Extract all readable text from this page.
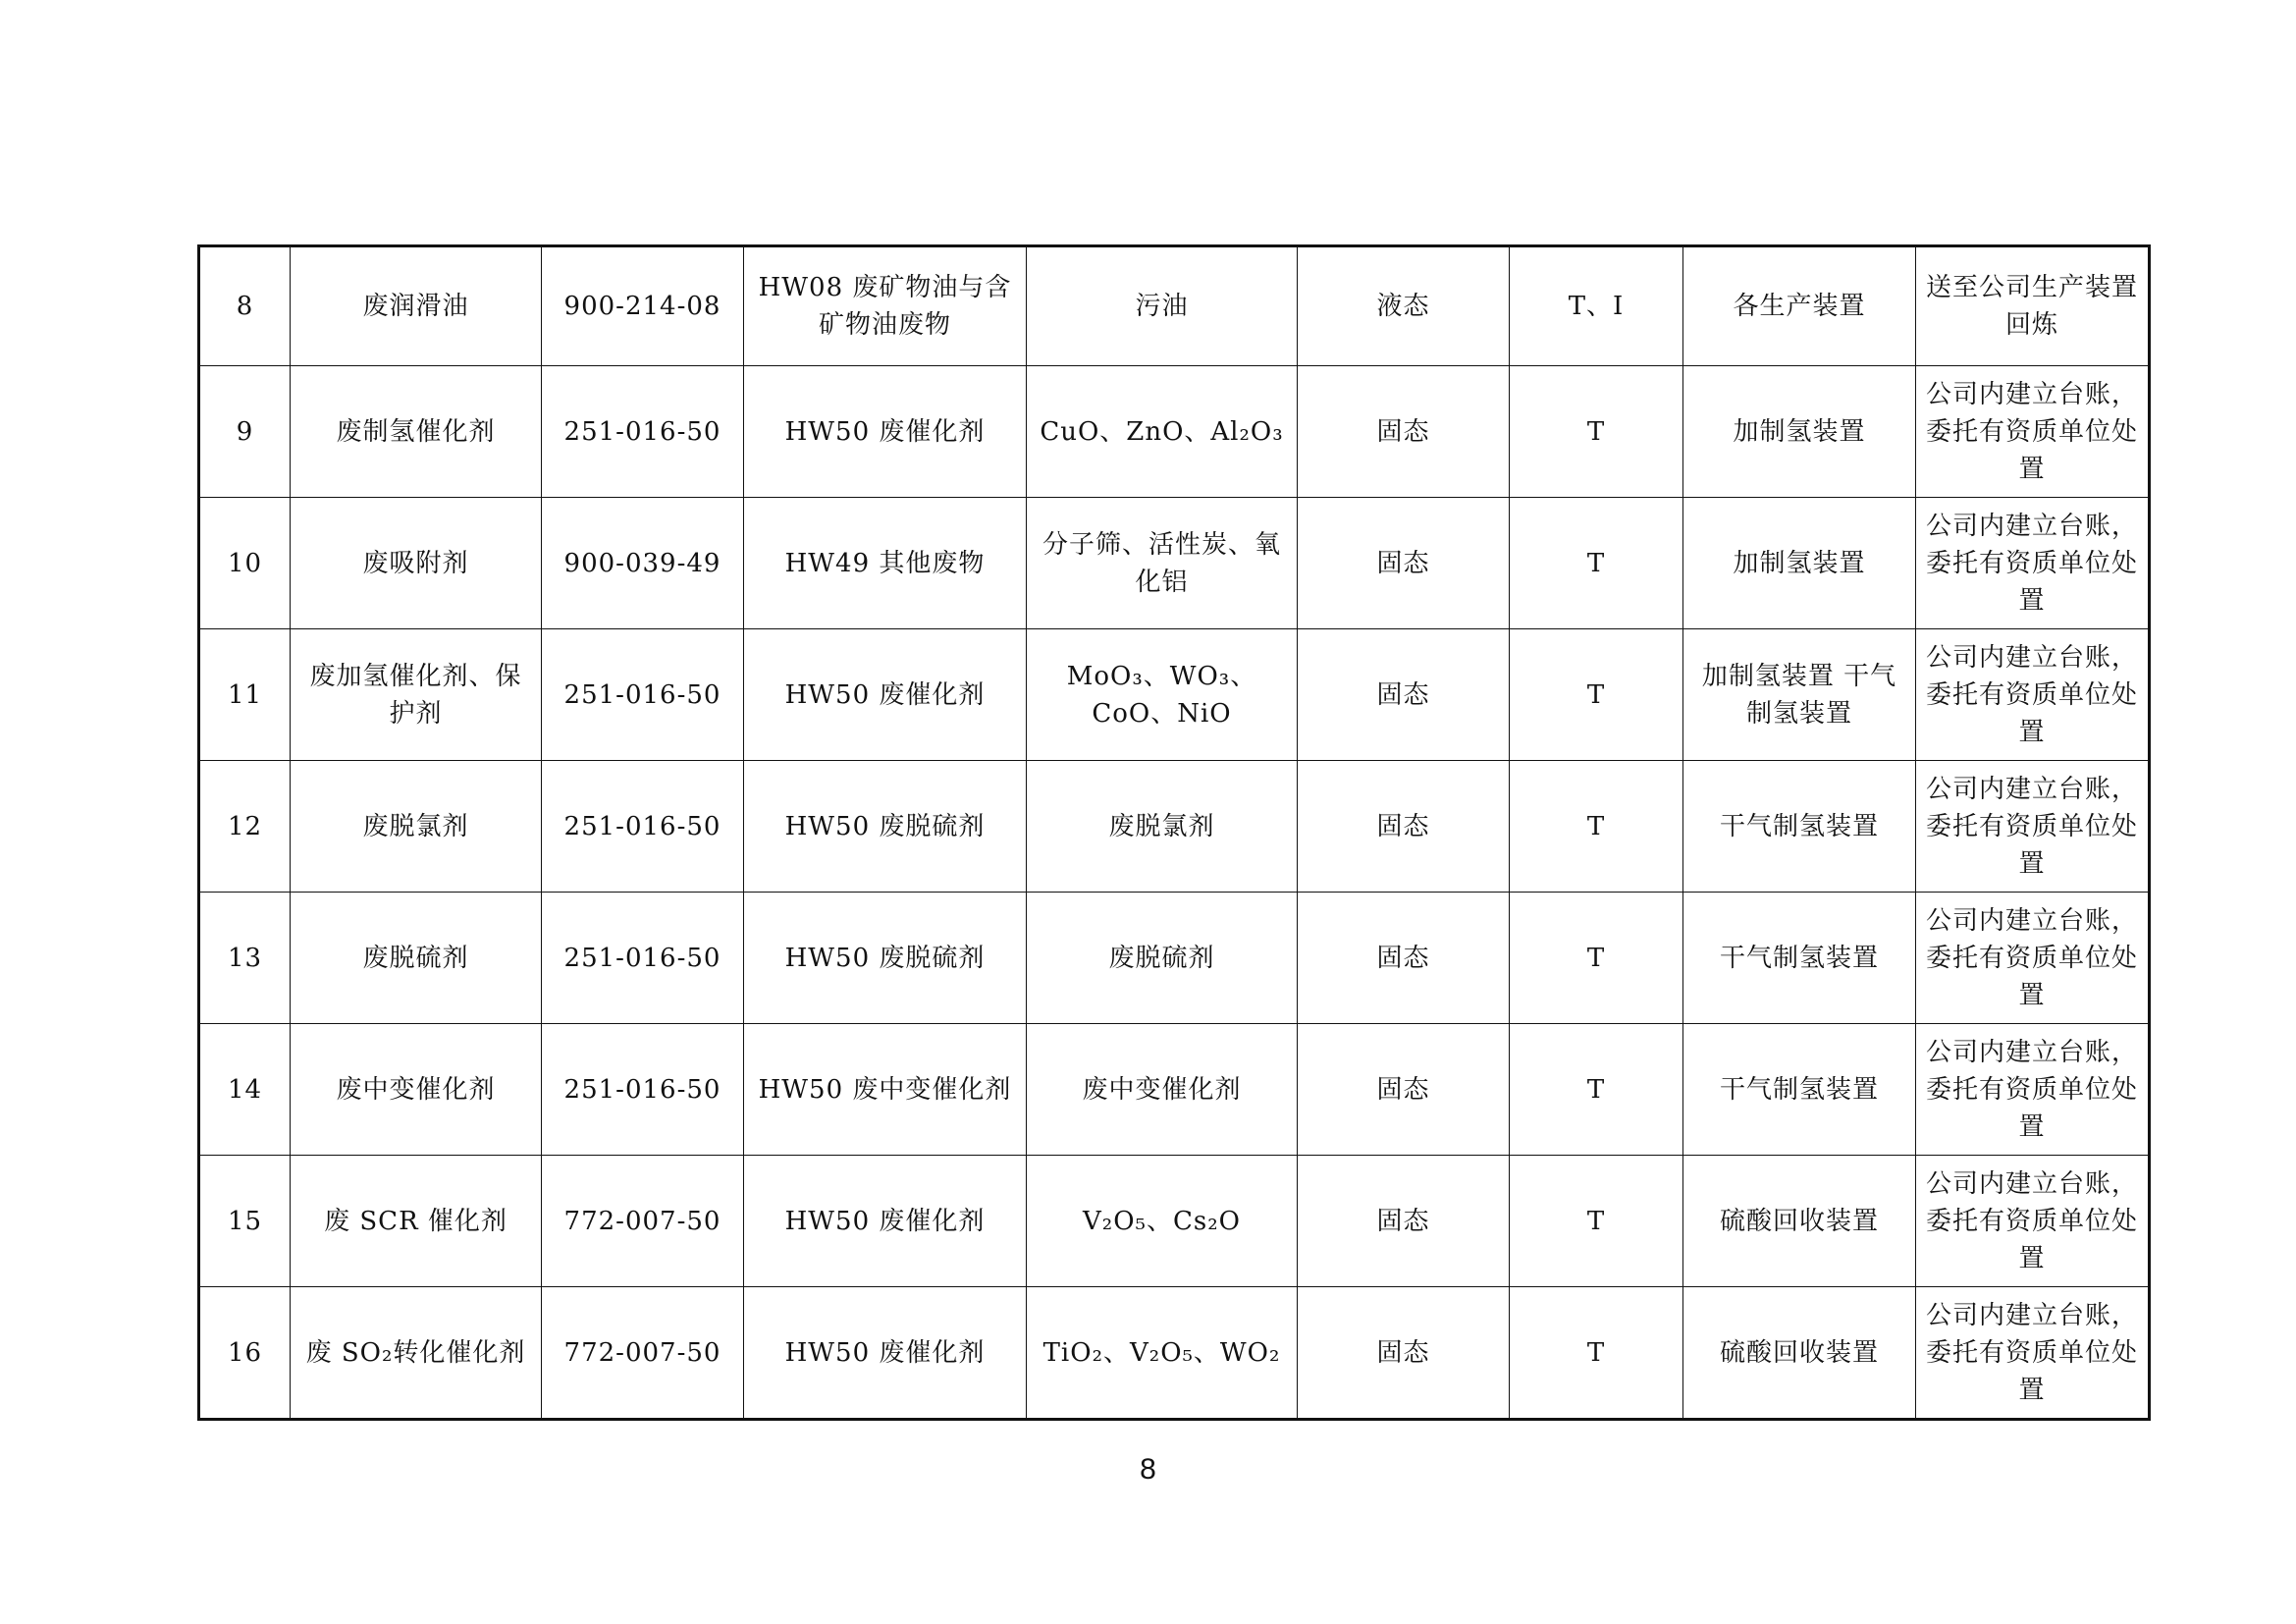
8	废润滑油	900-214-08	HW08 废矿物油与含矿物油废物	污油	液态	T、I	各生产装置	送至公司生产装置回炼
9	废制氢催化剂	251-016-50	HW50 废催化剂	CuO、ZnO、Al₂O₃	固态	T	加制氢装置	公司内建立台账，委托有资质单位处置
10	废吸附剂	900-039-49	HW49 其他废物	分子筛、活性炭、氧化铝	固态	T	加制氢装置	公司内建立台账，委托有资质单位处置
11	废加氢催化剂、保护剂	251-016-50	HW50 废催化剂	MoO₃、WO₃、CoO、NiO	固态	T	加制氢装置 干气制氢装置	公司内建立台账，委托有资质单位处置
12	废脱氯剂	251-016-50	HW50 废脱硫剂	废脱氯剂	固态	T	干气制氢装置	公司内建立台账，委托有资质单位处置
13	废脱硫剂	251-016-50	HW50 废脱硫剂	废脱硫剂	固态	T	干气制氢装置	公司内建立台账，委托有资质单位处置
14	废中变催化剂	251-016-50	HW50 废中变催化剂	废中变催化剂	固态	T	干气制氢装置	公司内建立台账，委托有资质单位处置
15	废 SCR 催化剂	772-007-50	HW50 废催化剂	V₂O₅、Cs₂O	固态	T	硫酸回收装置	公司内建立台账，委托有资质单位处置
16	废 SO₂转化催化剂	772-007-50	HW50 废催化剂	TiO₂、V₂O₅、WO₂	固态	T	硫酸回收装置	公司内建立台账，委托有资质单位处置
8
